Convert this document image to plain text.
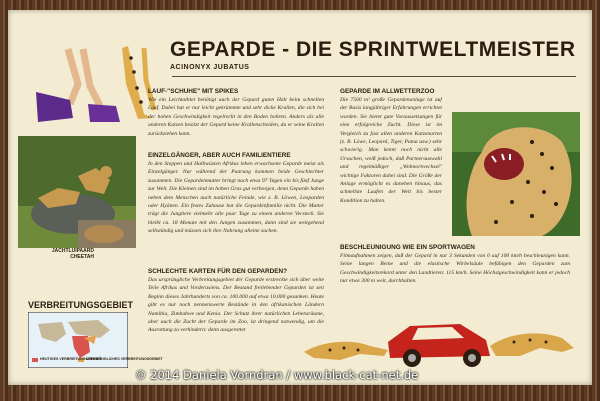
GEPARDE - DIE SPRINTWELTMEISTER
ACINONYX JUBATUS
JACHTLUIPAARD
CHEETAH
VERBREITUNGSGEBIET
HEUTIGES VERBREITUNGSGEBIET
URSPRÜNGLICHES VERBREITUNGSGEBIET
LAUF-"SCHUHE" MIT SPIKES
Wie ein Leichtathlet benötigt auch der Gepard guten Halt beim schnellen Lauf. Dabei hat er nur leicht gekrümmte und sehr dicke Krallen, die sich bei der hohen Geschwindigkeit regelrecht in den Boden bohren. Anders als alle anderen Katzen besitzt der Gepard keine Krallenscheiden, da er seine Krallen zurückziehen kann.
EINZELGÄNGER, ABER AUCH FAMILIENTIERE
In den Steppen und Halbwüsten Afrikas leben erwachsene Geparde meist als Einzelgänger. Nur während der Paarung kommen beide Geschlechter zusammen. Die Gepardenmutter bringt nach etwa 97 Tagen ein bis fünf Junge zur Welt. Die Kleinen sind im hohen Gras gut verborgen, denn Geparde haben neben dem Menschen auch natürliche Feinde, wie z. B. Löwen, Leoparden oder Hyänen. Ein festes Zuhause hat die Gepardenfamilie nicht. Die Mutter trägt die Jungtiere vielmehr alle paar Tage zu einem anderen Versteck. Sie bleibt ca. 18 Monate mit den Jungen zusammen, dann sind sie weitgehend selbständig und müssen sich ihre Nahrung alleine suchen.
SCHLECHTE KARTEN FÜR DEN GEPARDEN?
Das ursprüngliche Verbreitungsgebiet der Geparde erstreckte sich über weite Teile Afrikas und Vorderasiens. Der Bestand freilebender Geparden ist seit Beginn dieses Jahrhunderts von ca. 100.000 auf etwa 10.000 gesunken. Heute gibt es nur noch nennenswerte Bestände in den afrikanischen Ländern Namibia, Zimbabwe und Kenia. Der Schutz ihrer natürlichen Lebensräume, aber auch die Zucht der Geparde im Zoo, ist dringend notwendig, um die Ausrottung zu verhindern: denn ausgerottet
GEPARDE IM ALLWETTERZOO
Die 7500 m² große Gepardenanlage ist auf der Basis langjähriger Erfahrungen errichtet worden. Sie bietet gute Voraussetzungen für eine erfolgreiche Zucht. Diese ist im Vergleich zu fast allen anderen Katzenarten (z. B. Löwe, Leopard, Tiger, Puma usw.) sehr schwierig. Man kennt noch nicht alle Ursachen, weiß jedoch, daß Partnerauswahl und regelmäßiger „Wohnortwechsel" wichtige Faktoren dabei sind. Die Größe der Anlage ermöglicht es daneben hinaus, das schnellste Laufen der Welt bis bester Kondition zu halten.
BESCHLEUNIGUNG WIE EIN SPORTWAGEN
Filmaufnahmen zeigen, daß der Gepard in nur 3 Sekunden von 0 auf 100 km/h beschleunigen kann. Seine langen Beine und die elastische Wirbelsäule befähigen den Geparden zum Geschwindigkeitsrekord unter den Landtieren: 115 km/h. Seine Höchstgeschwindigkeit kann er jedoch nur etwa 300 m weit, durchhalten.
© 2014 Daniela Vorndran / www.black-cat-net.de
